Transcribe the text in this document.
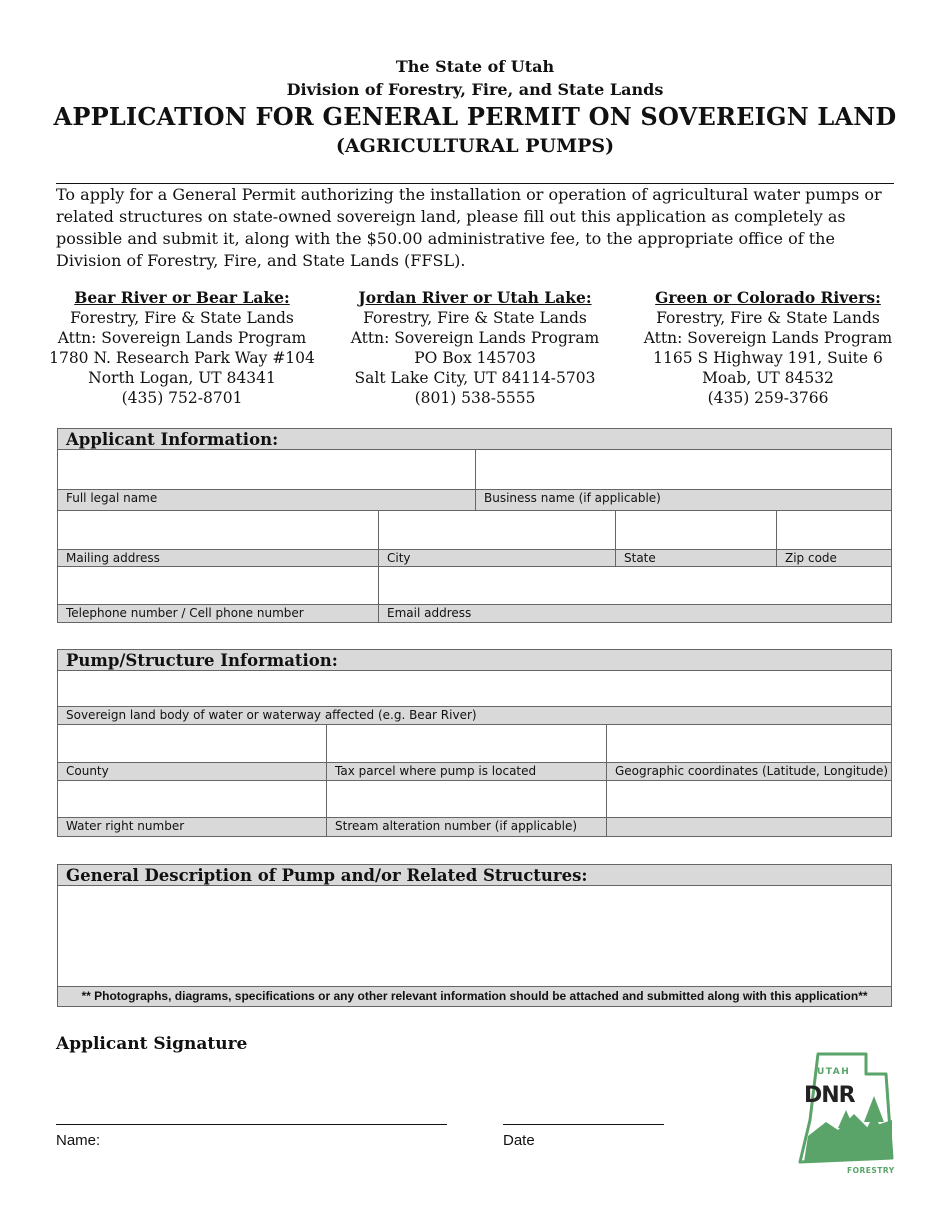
The State of Utah
Division of Forestry, Fire, and State Lands
APPLICATION FOR GENERAL PERMIT ON SOVEREIGN LAND
(AGRICULTURAL PUMPS)
To apply for a General Permit authorizing the installation or operation of agricultural water pumps or related structures on state-owned sovereign land, please fill out this application as completely as possible and submit it, along with the $50.00 administrative fee, to the appropriate office of the Division of Forestry, Fire, and State Lands (FFSL).
Bear River or Bear Lake:
Forestry, Fire & State Lands
Attn: Sovereign Lands Program
1780 N. Research Park Way #104
North Logan, UT 84341
(435) 752-8701
Jordan River or Utah Lake:
Forestry, Fire & State Lands
Attn: Sovereign Lands Program
PO Box 145703
Salt Lake City, UT 84114-5703
(801) 538-5555
Green or Colorado Rivers:
Forestry, Fire & State Lands
Attn: Sovereign Lands Program
1165 S Highway 191, Suite 6
Moab, UT 84532
(435) 259-3766
Applicant Information:
Full legal name	Business name (if applicable)
Mailing address	City	State	Zip code
Telephone number / Cell phone number	Email address
Pump/Structure Information:
Sovereign land body of water or waterway affected (e.g. Bear River)
County	Tax parcel where pump is located	Geographic coordinates (Latitude, Longitude)
Water right number	Stream alteration number (if applicable)
General Description of Pump and/or Related Structures:
** Photographs, diagrams, specifications or any other relevant information should be attached and submitted along with this application**
Applicant Signature
Name:	Date
UTAH
DNR
FORESTRY
